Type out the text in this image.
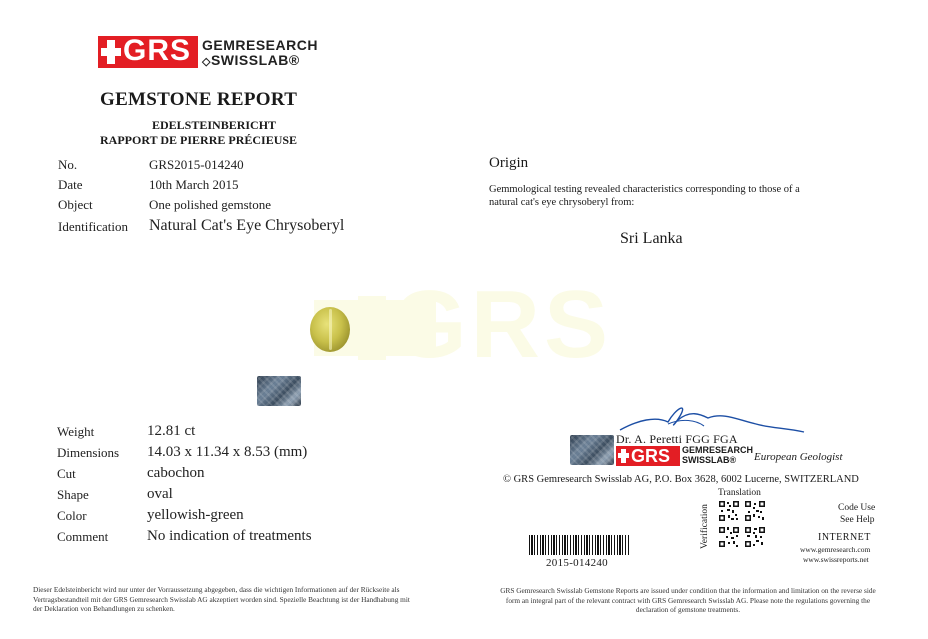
GRS GEMRESEARCH
◇SWISSLAB®
GEMSTONE REPORT
EDELSTEINBERICHT
RAPPORT DE PIERRE PRÉCIEUSE
No.	GRS2015-014240
Date	10th March 2015
Object	One polished gemstone
Identification Natural Cat's Eye Chrysoberyl
Origin
Gemmological testing revealed characteristics corresponding to those of a natural cat's eye chrysoberyl from:
Sri Lanka
GRS
Weight	12.81 ct
Dimensions 14.03 x 11.34 x 8.53 (mm)
Cut	cabochon
Shape	oval
Color	yellowish-green
Comment	No indication of treatments
Dr. A. Peretti FGG FGA
GRS GEMRESEARCH
SWISSLAB® European Geologist
© GRS Gemresearch Swisslab AG, P.O. Box 3628, 6002 Lucerne, SWITZERLAND
Translation
Verification	Code Use
See Help
INTERNET
www.gemresearch.com
www.swissreports.net
2015-014240
Dieser Edelsteinbericht wird nur unter der Vorraussetzung abgegeben, dass die wichtigen Informationen auf der Rückseite als Vertragsbestandteil mit der GRS Gemresearch Swisslab AG akzeptiert worden sind. Spezielle Beachtung ist der Handhabung mit der Deklaration von Behandlungen zu schenken.
GRS Gemresearch Swisslab Gemstone Reports are issued under condition that the information and limitation on the reverse side form an integral part of the relevant contract with GRS Gemresearch Swisslab AG. Please note the regulations governing the declaration of gemstone treatments.
